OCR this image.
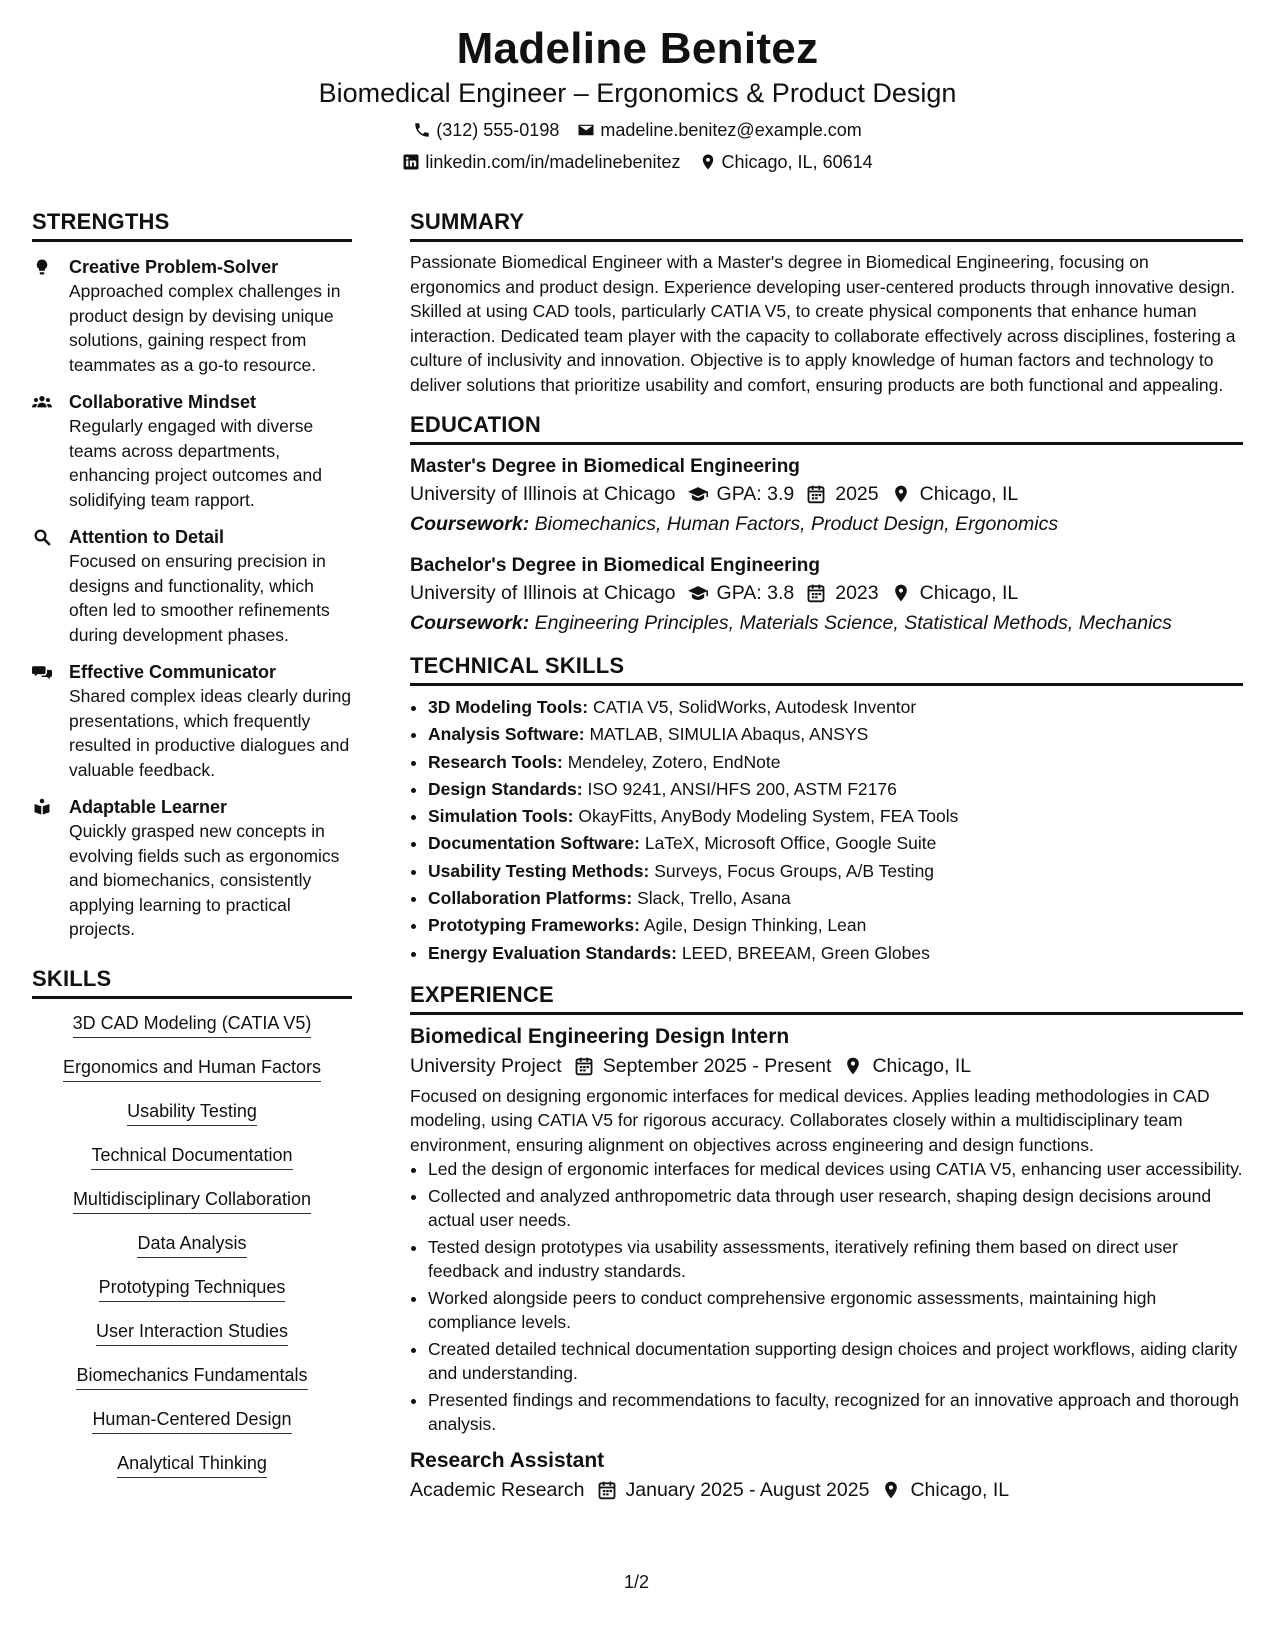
Madeline Benitez
Biomedical Engineer – Ergonomics & Product Design
(312) 555-0198 madeline.benitez@example.com
linkedin.com/in/madelinebenitez Chicago, IL, 60614
STRENGTHS
Creative Problem-Solver
Approached complex challenges in product design by devising unique solutions, gaining respect from teammates as a go-to resource.
Collaborative Mindset
Regularly engaged with diverse teams across departments, enhancing project outcomes and solidifying team rapport.
Attention to Detail
Focused on ensuring precision in designs and functionality, which often led to smoother refinements during development phases.
Effective Communicator
Shared complex ideas clearly during presentations, which frequently resulted in productive dialogues and valuable feedback.
Adaptable Learner
Quickly grasped new concepts in evolving fields such as ergonomics and biomechanics, consistently applying learning to practical projects.
SKILLS
3D CAD Modeling (CATIA V5)
Ergonomics and Human Factors
Usability Testing
Technical Documentation
Multidisciplinary Collaboration
Data Analysis
Prototyping Techniques
User Interaction Studies
Biomechanics Fundamentals
Human-Centered Design
Analytical Thinking
SUMMARY
Passionate Biomedical Engineer with a Master's degree in Biomedical Engineering, focusing on ergonomics and product design. Experience developing user-centered products through innovative design. Skilled at using CAD tools, particularly CATIA V5, to create physical components that enhance human interaction. Dedicated team player with the capacity to collaborate effectively across disciplines, fostering a culture of inclusivity and innovation. Objective is to apply knowledge of human factors and technology to deliver solutions that prioritize usability and comfort, ensuring products are both functional and appealing.
EDUCATION
Master's Degree in Biomedical Engineering
University of Illinois at Chicago GPA: 3.9 2025 Chicago, IL
Coursework: Biomechanics, Human Factors, Product Design, Ergonomics
Bachelor's Degree in Biomedical Engineering
University of Illinois at Chicago GPA: 3.8 2023 Chicago, IL
Coursework: Engineering Principles, Materials Science, Statistical Methods, Mechanics
TECHNICAL SKILLS
• 3D Modeling Tools: CATIA V5, SolidWorks, Autodesk Inventor
• Analysis Software: MATLAB, SIMULIA Abaqus, ANSYS
• Research Tools: Mendeley, Zotero, EndNote
• Design Standards: ISO 9241, ANSI/HFS 200, ASTM F2176
• Simulation Tools: OkayFitts, AnyBody Modeling System, FEA Tools
• Documentation Software: LaTeX, Microsoft Office, Google Suite
• Usability Testing Methods: Surveys, Focus Groups, A/B Testing
• Collaboration Platforms: Slack, Trello, Asana
• Prototyping Frameworks: Agile, Design Thinking, Lean
• Energy Evaluation Standards: LEED, BREEAM, Green Globes
EXPERIENCE
Biomedical Engineering Design Intern
University Project September 2025 - Present Chicago, IL
Focused on designing ergonomic interfaces for medical devices. Applies leading methodologies in CAD modeling, using CATIA V5 for rigorous accuracy. Collaborates closely within a multidisciplinary team environment, ensuring alignment on objectives across engineering and design functions.
• Led the design of ergonomic interfaces for medical devices using CATIA V5, enhancing user accessibility.
• Collected and analyzed anthropometric data through user research, shaping design decisions around actual user needs.
• Tested design prototypes via usability assessments, iteratively refining them based on direct user feedback and industry standards.
• Worked alongside peers to conduct comprehensive ergonomic assessments, maintaining high compliance levels.
• Created detailed technical documentation supporting design choices and project workflows, aiding clarity and understanding.
• Presented findings and recommendations to faculty, recognized for an innovative approach and thorough analysis.
Research Assistant
Academic Research January 2025 - August 2025 Chicago, IL
1/2
